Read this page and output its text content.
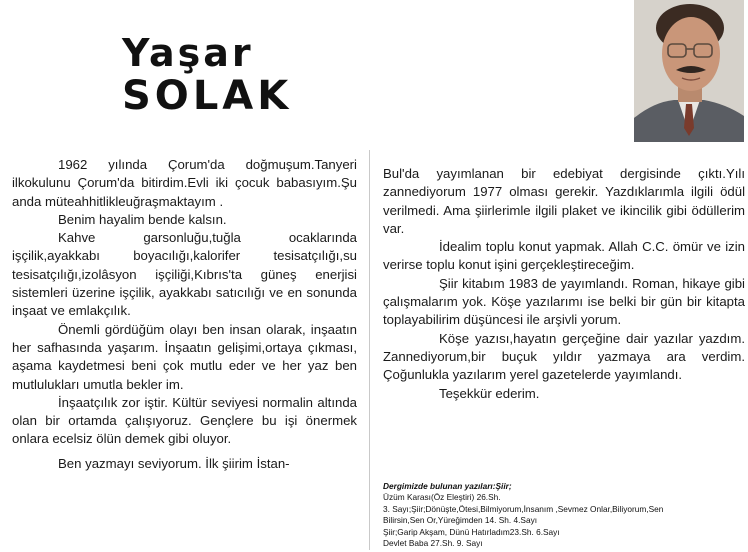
Yaşar
SOLAK

1962 yılında Çorum'da doğmuşum.Tanyeri ilkokulunu Çorum'da bitirdim.Evli iki çocuk babasıyım.Şu anda müteahhitlikleuğraşmaktayım .

Benim hayalim bende kalsın.

Kahve garsonluğu,tuğla ocaklarında işçilik,ayakkabı boyacılığı,kalorifer tesisatçılığı,su tesisatçılığı,izolâsyon işçiliği,Kıbrıs'ta güneş enerjisi sistemleri üzerine işçilik, ayakkabı satıcılığı ve en sonunda inşaat ve emlakçılık.

Önemli gördüğüm olayı ben insan olarak, inşaatın her safhasında yaşarım. İnşaatın gelişimi,ortaya çıkması, aşama kaydetmesi beni çok mutlu eder ve her yaz ben mutlulukları umutla bekler im.

İnşaatçılık zor iştir. Kültür seviyesi normalin altında olan bir ortamda çalışıyoruz. Gençlere bu işi önermek onlara ecelsiz ölün demek gibi oluyor.

Ben yazmayı seviyorum. İlk şiirim İstan-

Bul'da yayımlanan bir edebiyat dergisinde çıktı.Yılı zannediyorum 1977 olması gerekir. Yazdıklarımla ilgili ödül verilmedi. Ama şiirlerimle ilgili plaket ve ikincilik gibi ödüllerim var.

İdealim toplu konut yapmak. Allah C.C. ömür ve izin verirse toplu konut işini gerçekleştireceğim.

Şiir kitabım 1983 de yayımlandı. Roman, hikaye gibi çalışmalarım yok. Köşe yazılarımı ise belki bir gün bir kitapta toplayabilirim düşüncesi ile arşivli yorum.

Köşe yazısı,hayatın gerçeğine dair yazılar yazdım. Zannediyorum,bir buçuk yıldır yazmaya ara verdim. Çoğunlukla yazılarım yerel gazetelerde yayımlandı.

Teşekkür ederim.

Dergimizde bulunan yazıları:Şiir;
Üzüm Karası(Öz Eleştiri) 26.Sh.
3. Sayı;Şiir;Dönüşte,Ötesi,Bilmiyorum,İnsanım ,Sevmez Onlar,Biliyorum,Sen
Bilirsin,Sen Or,Yüreğimden 14. Sh. 4.Sayı
Şiir;Garip Akşam, Dünü Hatırladım23.Sh. 6.Sayı
Devlet Baba 27.Sh. 9. Sayı
